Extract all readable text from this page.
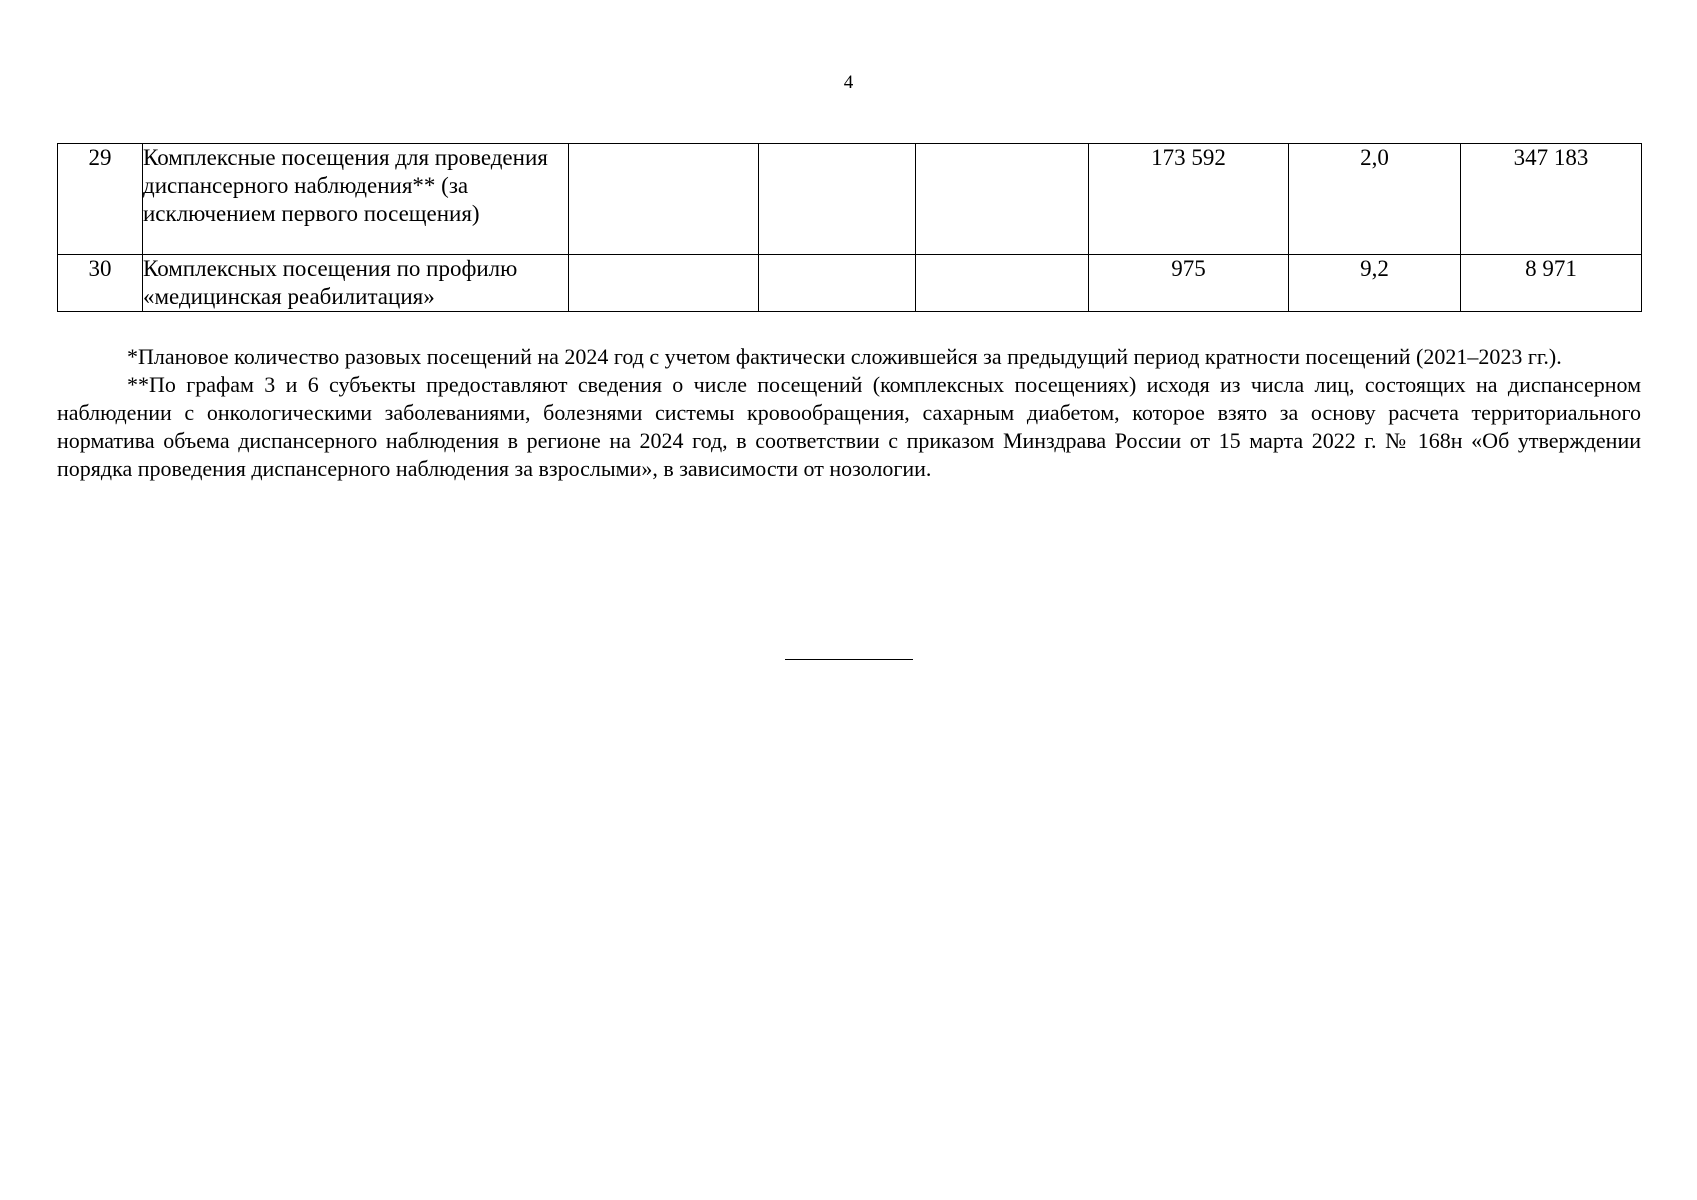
4
29	Комплексные посещения для проведения диспансерного наблюдения** (за исключением первого посещения)				173 592	2,0	347 183
30	Комплексных посещения по профилю «медицинская реабилитация»				975	9,2	8 971

*Плановое количество разовых посещений на 2024 год с учетом фактически сложившейся за предыдущий период кратности посещений (2021–2023 гг.).

**По графам 3 и 6 субъекты предоставляют сведения о числе посещений (комплексных посещениях) исходя из числа лиц, состоящих на диспансерном наблюдении с онкологическими заболеваниями, болезнями системы кровообращения, сахарным диабетом, которое взято за основу расчета территориального норматива объема диспансерного наблюдения в регионе на 2024 год, в соответствии с приказом Минздрава России от 15 марта 2022 г. № 168н «Об утверждении порядка проведения диспансерного наблюдения за взрослыми», в зависимости от нозологии.
